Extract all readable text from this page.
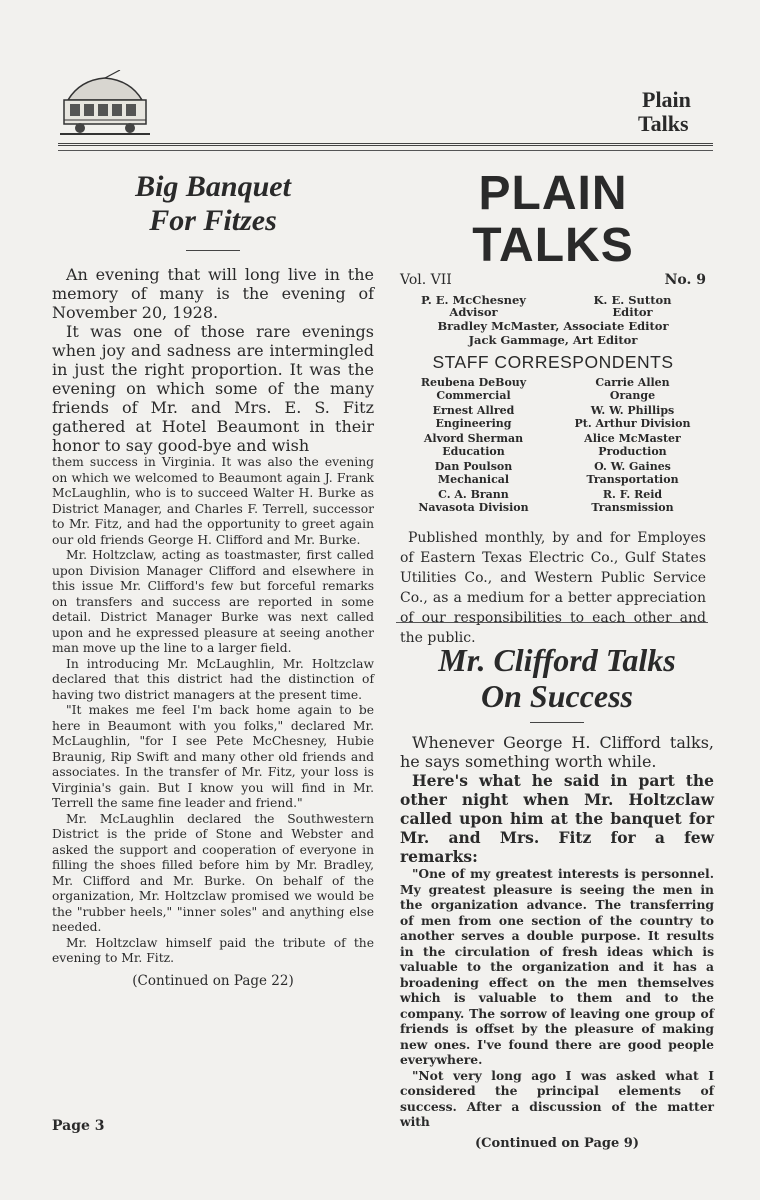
Plain
Talks
Big Banquet
For Fitzes

An evening that will long live in the memory of many is the evening of November 20, 1928.

It was one of those rare evenings when joy and sadness are intermingled in just the right proportion. It was the evening on which some of the many friends of Mr. and Mrs. E. S. Fitz gathered at Hotel Beaumont in their honor to say good-bye and wish

them success in Virginia. It was also the evening on which we welcomed to Beaumont again J. Frank McLaughlin, who is to succeed Walter H. Burke as District Manager, and Charles F. Terrell, successor to Mr. Fitz, and had the opportunity to greet again our old friends George H. Clifford and Mr. Burke.

Mr. Holtzclaw, acting as toastmaster, first called upon Division Manager Clifford and elsewhere in this issue Mr. Clifford's few but forceful remarks on transfers and success are reported in some detail. District Manager Burke was next called upon and he expressed pleasure at seeing another man move up the line to a larger field.

In introducing Mr. McLaughlin, Mr. Holtzclaw declared that this district had the distinction of having two district managers at the present time.

"It makes me feel I'm back home again to be here in Beaumont with you folks," declared Mr. McLaughlin, "for I see Pete McChesney, Hubie Braunig, Rip Swift and many other old friends and associates. In the transfer of Mr. Fitz, your loss is Virginia's gain. But I know you will find in Mr. Terrell the same fine leader and friend."

Mr. McLaughlin declared the Southwestern District is the pride of Stone and Webster and asked the support and cooperation of everyone in filling the shoes filled before him by Mr. Bradley, Mr. Clifford and Mr. Burke. On behalf of the organization, Mr. Holtzclaw promised we would be the "rubber heels," "inner soles" and anything else needed.

Mr. Holtzclaw himself paid the tribute of the evening to Mr. Fitz.

(Continued on Page 22)

Page 3
PLAIN TALKS
Vol. VII	No. 9
P. E. McChesney
Advisor
K. E. Sutton
Editor
Bradley McMaster, Associate Editor
Jack Gammage, Art Editor
STAFF CORRESPONDENTS
Reubena DeBouy
Commercial
Carrie Allen
Orange
Ernest Allred
Engineering
W. W. Phillips
Pt. Arthur Division
Alvord Sherman
Education
Alice McMaster
Production
Dan Poulson
Mechanical
O. W. Gaines
Transportation
C. A. Brann
Navasota Division
R. F. Reid
Transmission

Published monthly, by and for Employes of Eastern Texas Electric Co., Gulf States Utilities Co., and Western Public Service Co., as a medium for a better appreciation of our responsibilities to each other and the public.

Mr. Clifford Talks
On Success

Whenever George H. Clifford talks, he says something worth while.

Here's what he said in part the other night when Mr. Holtzclaw called upon him at the banquet for Mr. and Mrs. Fitz for a few remarks:

"One of my greatest interests is personnel. My greatest pleasure is seeing the men in the organization advance. The transferring of men from one section of the country to another serves a double purpose. It results in the circulation of fresh ideas which is valuable to the organization and it has a broadening effect on the men themselves which is valuable to them and to the company. The sorrow of leaving one group of friends is offset by the pleasure of making new ones. I've found there are good people everywhere.

"Not very long ago I was asked what I considered the principal elements of success. After a discussion of the matter with

(Continued on Page 9)
